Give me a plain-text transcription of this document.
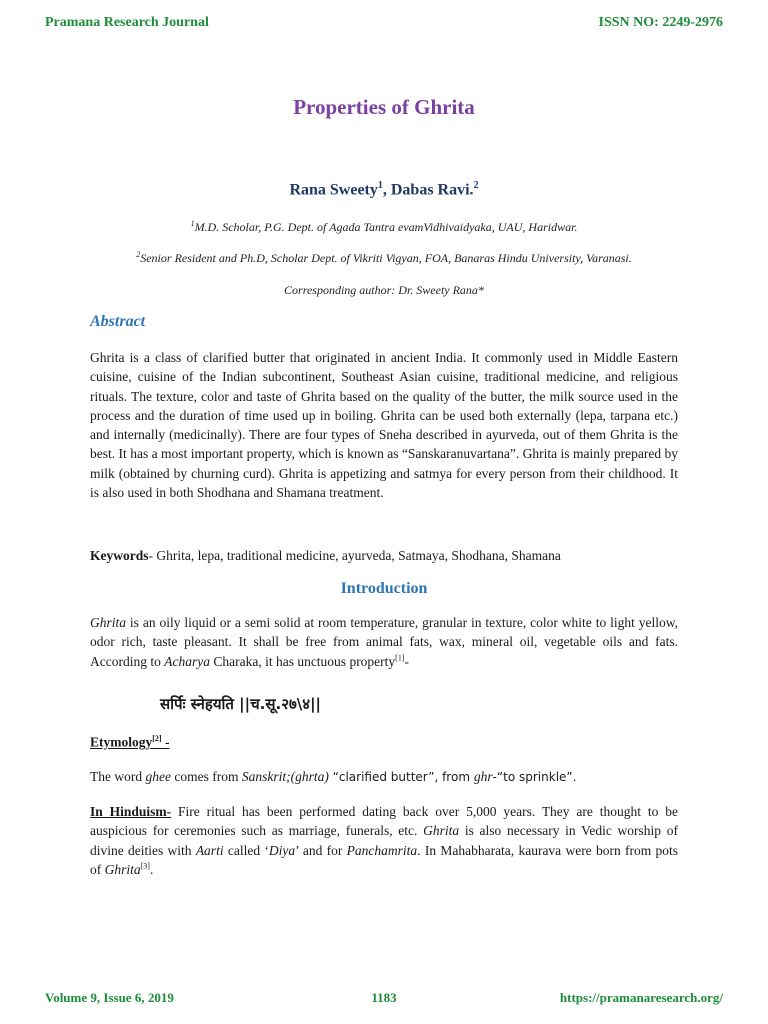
Pramana Research Journal	ISSN NO: 2249-2976
Properties of Ghrita
Rana Sweety$^1$, Dabas Ravi.$^2$
$^1$M.D. Scholar, P.G. Dept. of Agada Tantra evamVidhivaidyaka, UAU, Haridwar.
$^2$Senior Resident and Ph.D, Scholar Dept. of Vikriti Vigyan, FOA, Banaras Hindu University, Varanasi.
Corresponding author: Dr. Sweety Rana*
Abstract
Ghrita is a class of clarified butter that originated in ancient India. It commonly used in Middle Eastern cuisine, cuisine of the Indian subcontinent, Southeast Asian cuisine, traditional medicine, and religious rituals. The texture, color and taste of Ghrita based on the quality of the butter, the milk source used in the process and the duration of time used up in boiling. Ghrita can be used both externally (lepa, tarpana etc.) and internally (medicinally). There are four types of Sneha described in ayurveda, out of them Ghrita is the best. It has a most important property, which is known as “Sanskaranuvartana”. Ghrita is mainly prepared by milk (obtained by churning curd). Ghrita is appetizing and satmya for every person from their childhood. It is also used in both Shodhana and Shamana treatment.
Keywords- Ghrita, lepa, traditional medicine, ayurveda, Satmaya, Shodhana, Shamana
Introduction
Ghrita is an oily liquid or a semi solid at room temperature, granular in texture, color white to light yellow, odor rich, taste pleasant. It shall be free from animal fats, wax, mineral oil, vegetable oils and fats. According to Acharya Charaka, it has unctuous property[1]-
सर्पिः स्नेहयति ||च.सू.२७\४||
Etymology[2] -
The word ghee comes from Sanskrit;(ghrta) “clarified butter”, from ghr-“to sprinkle”.
In Hinduism- Fire ritual has been performed dating back over 5,000 years. They are thought to be auspicious for ceremonies such as marriage, funerals, etc. Ghrita is also necessary in Vedic worship of divine deities with Aarti called ‘Diya’ and for Panchamrita. In Mahabharata, kaurava were born from pots of Ghrita[3].
Volume 9, Issue 6, 2019	1183	https://pramanaresearch.org/
